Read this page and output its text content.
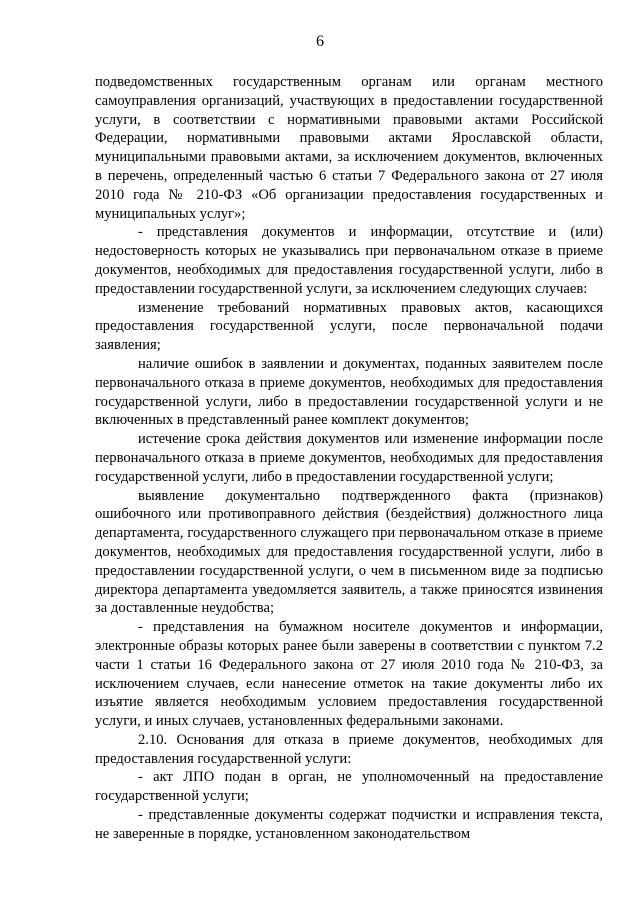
6

подведомственных государственным органам или органам местного самоуправления организаций, участвующих в предоставлении государственной услуги, в соответствии с нормативными правовыми актами Российской Федерации, нормативными правовыми актами Ярославской области, муниципальными правовыми актами, за исключением документов, включенных в перечень, определенный частью 6 статьи 7 Федерального закона от 27 июля 2010 года № 210-ФЗ «Об организации предоставления государственных и муниципальных услуг»;

- представления документов и информации, отсутствие и (или) недостоверность которых не указывались при первоначальном отказе в приеме документов, необходимых для предоставления государственной услуги, либо в предоставлении государственной услуги, за исключением следующих случаев:

изменение требований нормативных правовых актов, касающихся предоставления государственной услуги, после первоначальной подачи заявления;

наличие ошибок в заявлении и документах, поданных заявителем после первоначального отказа в приеме документов, необходимых для предоставления государственной услуги, либо в предоставлении государственной услуги и не включенных в представленный ранее комплект документов;

истечение срока действия документов или изменение информации после первоначального отказа в приеме документов, необходимых для предоставления государственной услуги, либо в предоставлении государственной услуги;

выявление документально подтвержденного факта (признаков) ошибочного или противоправного действия (бездействия) должностного лица департамента, государственного служащего при первоначальном отказе в приеме документов, необходимых для предоставления государственной услуги, либо в предоставлении государственной услуги, о чем в письменном виде за подписью директора департамента уведомляется заявитель, а также приносятся извинения за доставленные неудобства;

- представления на бумажном носителе документов и информации, электронные образы которых ранее были заверены в соответствии с пунктом 7.2 части 1 статьи 16 Федерального закона от 27 июля 2010 года № 210-ФЗ, за исключением случаев, если нанесение отметок на такие документы либо их изъятие является необходимым условием предоставления государственной услуги, и иных случаев, установленных федеральными законами.

2.10. Основания для отказа в приеме документов, необходимых для предоставления государственной услуги:

- акт ЛПО подан в орган, не уполномоченный на предоставление государственной услуги;

- представленные документы содержат подчистки и исправления текста, не заверенные в порядке, установленном законодательством
